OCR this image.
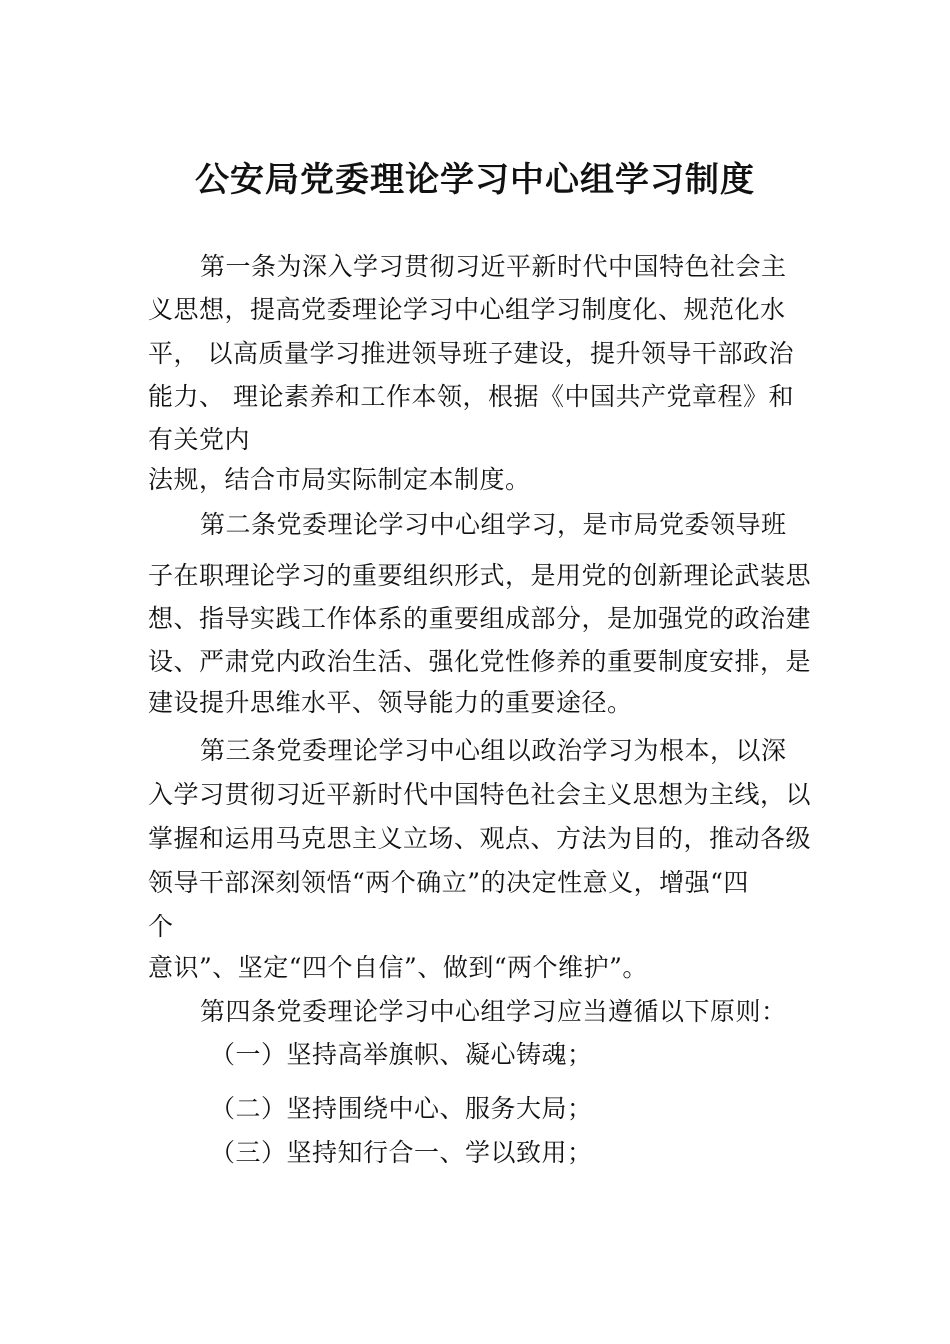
公安局党委理论学习中心组学习制度
第一条为深入学习贯彻习近平新时代中国特色社会主
义思想，提高党委理论学习中心组学习制度化、规范化水
平， 以高质量学习推进领导班子建设，提升领导干部政治
能力、 理论素养和工作本领，根据《中国共产党章程》和
有关党内
法规，结合市局实际制定本制度。
第二条党委理论学习中心组学习，是市局党委领导班
子在职理论学习的重要组织形式，是用党的创新理论武装思
想、指导实践工作体系的重要组成部分，是加强党的政治建
设、严肃党内政治生活、强化党性修养的重要制度安排，是
建设提升思维水平、领导能力的重要途径。
第三条党委理论学习中心组以政治学习为根本，以深
入学习贯彻习近平新时代中国特色社会主义思想为主线，以
掌握和运用马克思主义立场、观点、方法为目的，推动各级
领导干部深刻领悟“两个确立”的决定性意义，增强“四
个
意识”、坚定“四个自信”、做到“两个维护”。
第四条党委理论学习中心组学习应当遵循以下原则：
（一）坚持高举旗帜、凝心铸魂；
（二）坚持围绕中心、服务大局；
（三）坚持知行合一、学以致用；
